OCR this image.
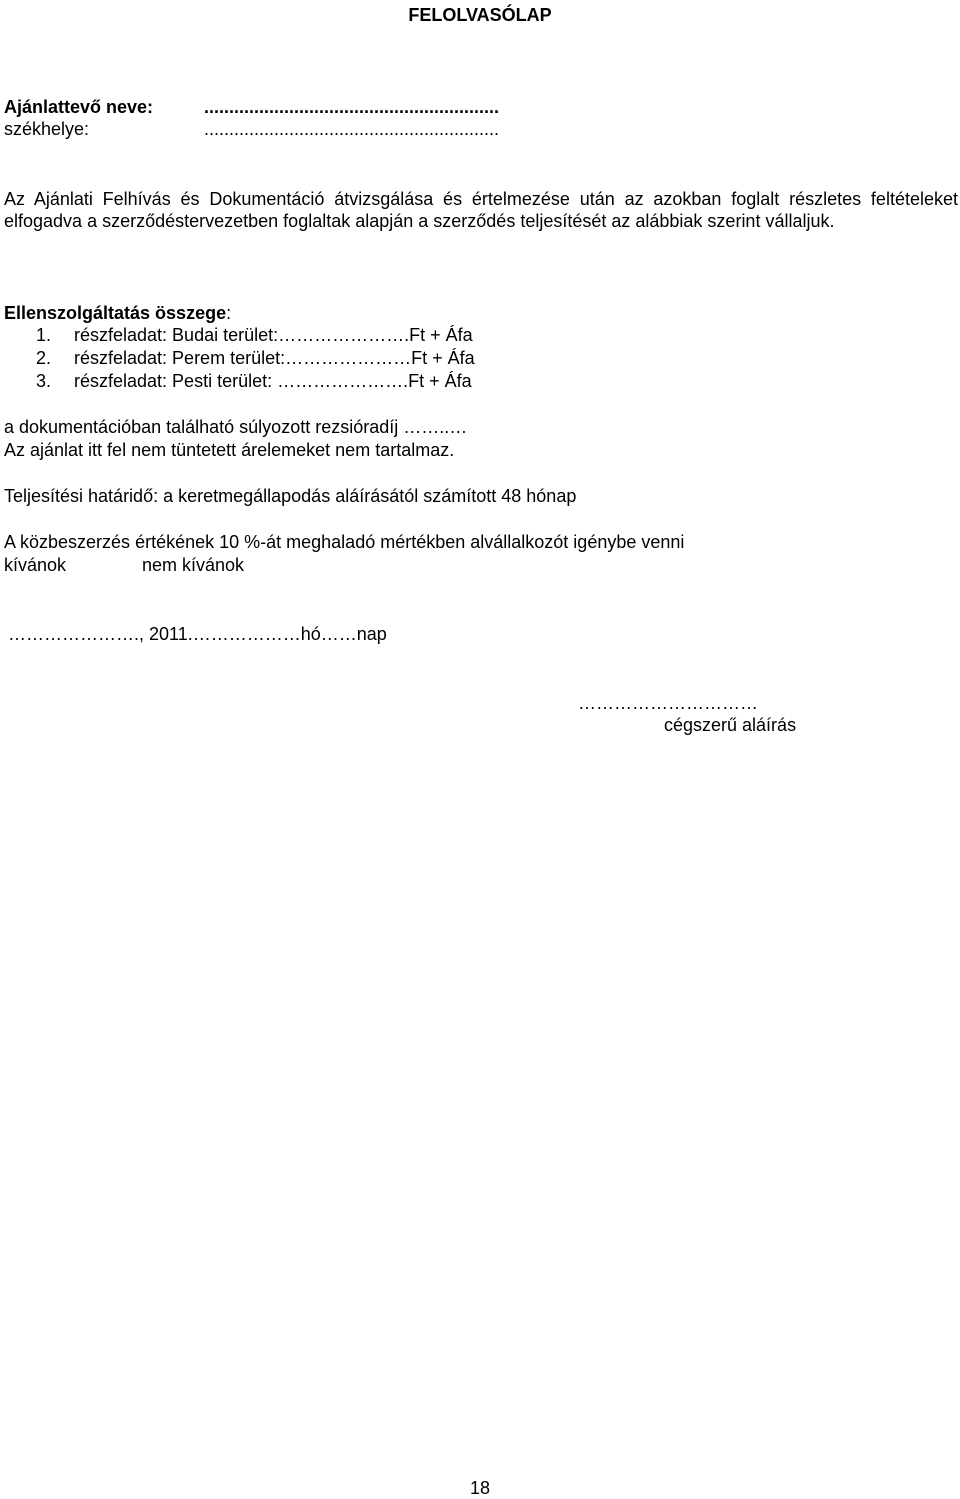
FELOLVASÓLAP
Ajánlattevő neve:	...........................................................
székhelye:	...........................................................
Az Ajánlati Felhívás és Dokumentáció átvizsgálása és értelmezése után az azokban foglalt részletes feltételeket elfogadva a szerződéstervezetben foglaltak alapján a szerződés teljesítését az alábbiak szerint vállaljuk.
Ellenszolgáltatás összege:
1. részfeladat: Budai terület:………………….Ft + Áfa
2. részfeladat: Perem terület:…………………Ft + Áfa
3. részfeladat: Pesti terület: ………………….Ft + Áfa
a dokumentációban található súlyozott rezsióradíj ……..…
Az ajánlat itt fel nem tüntetett árelemeket nem tartalmaz.
Teljesítési határidő: a keretmegállapodás aláírásától számított 48 hónap
A közbeszerzés értékének 10 %-át meghaladó mértékben alvállalkozót igénybe venni
kívánok	nem kívánok
…………………., 2011.………………hó……nap
…………………………
cégszerű aláírás
18
